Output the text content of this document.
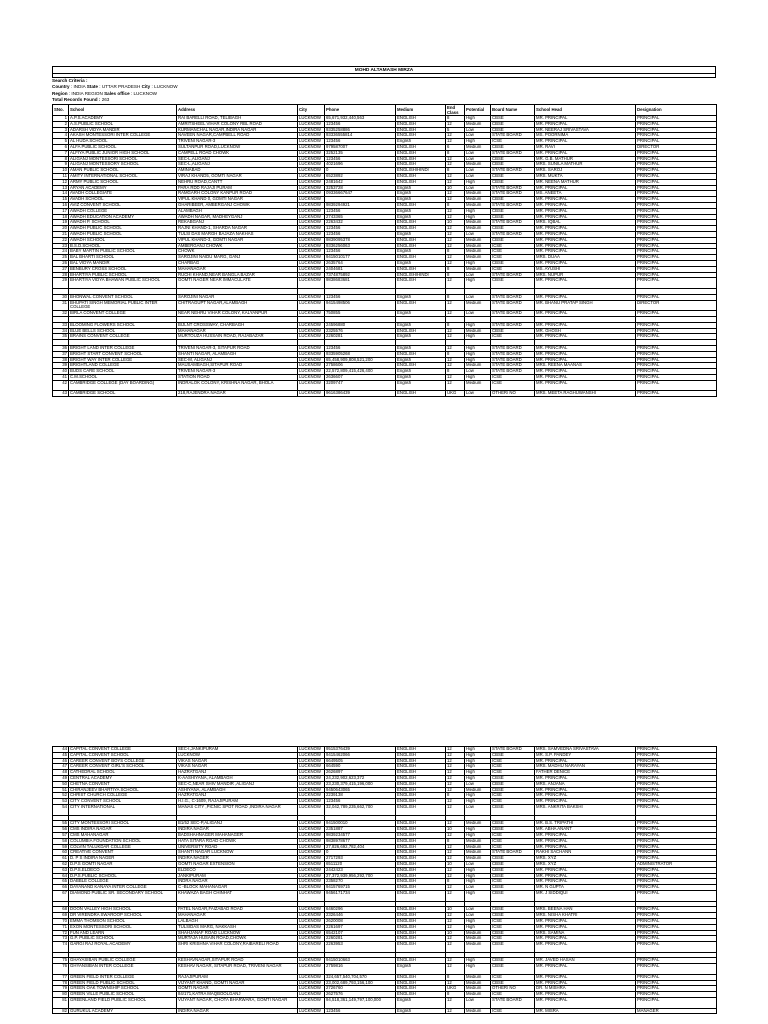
MOHD ALTAMASH MIRZA
Search Criteria :
Country : INDIA State : UTTAR PRADESH City : LUCKNOW
Region : INDIA REGION Sales office : LUCKNOW
Total Records Found : 263
SNo.	School	Address	City	Phone	Medium	End Class	Potential	Board Name	School Head	Designation
1	A.P.S.ACADEMY	RAI BARELLI ROAD, TELIBAGH	LUCKNOW	65,671,932,440,563	ENGLISH	8	High	CBSE	MR. PRINCIPAL	PRINCIPAL
2	A.S.PUBLIC SCHOOL	AMRITSHEEL VIHAR COLONY RBL ROAD	LUCKNOW	123456	ENGLISH	12	Medium	CBSE	MR. PRINCIPAL	PRINCIPAL
3	ADARSH VIDYA MANDIR	KURMANCHAL NAGAR,INDIRA NAGAR	LUCKNOW	9335258886	ENGLISH	5	Low	CBSE	MR. NEERAJ SRIVASTAVA	PRINCIPAL
4	AKASH MONTESSORI INTER COLLEGE	NAVEEN NAGAR,CAMPBELL ROAD	LUCKNOW	93336555814	ENGLISH	12	Low	STATE BOARD	MS. POORNIMA	PRINCIPAL
5	AL HUDA SCHOOL	TRIVENI NAGAR-3	LUCKNOW	123456	English	12	High	ICSE	MR. PRINCIPAL	PRINCIPAL
6	ALFA PUBLIC SCHOOL	SULTANPUR ROAD,LUCKNOW	LUCKNOW	979587007	ENGLISH	6	Medium	CBSE	MR. RAVI	DIRECTOR
7	ALFIYA PUBLIC JUNIOR HIGH SCHOOL	CAMPELL ROAD CHOWK	LUCKNOW	3252135	ENGLISH	8	Low	STATE BOARD	MR. PRINCIPAL	PRINCIPAL
8	ALIGANJ MONTESSORI SCHOOL	SEC-L,ALIGANJ	LUCKNOW	123456	ENGLISH	12	Low	CBSE	MR. G.B. MATHUR	PRINCIPAL
9	ALIGANJ MONTESSORY SCHOOL	SEC-L,ALIGANJ	LUCKNOW	4021696	ENGLISH	12	Medium	CBSE	MRS. SUNILA MATHUR	PRINCIPAL
10	AMAN PUBLIC SCHOOL	AMINABAD	LUCKNOW	0	ENGLISH/HINDI	8	Low	STATE BOARD	MRS. SAROJ	PRINCIPAL
11	AMITY INTERNATIONAL SCHOOL	VIRAJ KHAND5, GOMTI NAGAR	LUCKNOW	6523892	ENGLISH	12	Low	CBSE	MRS. MUKTA	PRINCIPAL
12	ARMY PUBLIC SCHOOL	NEHRU ROAD,CANTT	LUCKNOW	2481642	ENGLISH	12	High	CBSE	MR. NEENA MATHUR	PRINCIPAL
13	ARYAN ACADEMY	PARA RDD RAJAJI PURAM	LUCKNOW	3253728	English	10	Low	STATE BOARD	MR. PRINCIPAL	PRINCIPAL
14	AVADH COLLEGIATE	RAMGARH COLONY KANPUR ROAD	LUCKNOW	09336667647	English	12	Medium	STATE BOARD	MS. ANEETA	PRINCIPAL
15	AVADH SCHOOL	VIPUL KHAND 0, GOMTI NAGAR	LUCKNOW		English	12	Medium	CBSE	MR. PRINCIPAL	PRINCIPAL
16	AVIZ CONVENT SCHOOL	GHARIBEER, AMBERGANJ CHOWK	LUCKNOW	9839294921	ENGLISH	8	Medium	STATE BOARD	MR. PRINCIPAL	PRINCIPAL
17	AWADH COLLEGE	ALAMBAGH	LUCKNOW	123456	English	12	High	CBSE	MR. PRINCIPAL	PRINCIPAL
18	AWADH EDUCATION ACADEMY	AWADH NAGAR, MADHEYGANJ	LUCKNOW	2743365	English	12	High	CBSE	MR. PRINCIPAL	PRINCIPAL
19	AWADH P. SCHOOL	REKABGANJ	LUCKNOW	2263432	ENGLISH	10	Medium	STATE BOARD	MRS. IQBAL	PRINCIPAL
20	AWADH PUBLIC SCHOOL	RAJNI KHAND-1, SHARDA NAGAR	LUCKNOW	123456	ENGLISH	12	Medium	CBSE	MR. PRINCIPAL	PRINCIPAL
21	AWADH PUBLIC SCHOOL	TULSI DAS MARGH BAJAZA NAKHAS	LUCKNOW	123456	English	12	Low	STATE BOARD	MR. PRINCIPAL	PRINCIPAL
22	AWADH SCHOOL	VIPUL KHAND-3, GOMTI NAGAR	LUCKNOW	9839095378	ENGLISH	12	Medium	CBSE	MR. PRINCIPAL	PRINCIPAL
23	B.S.D.SCHOOL	AMBERGANJ CHOWK	LUCKNOW	9336256063	ENGLISH	12	Medium	ICSE	MR. PRINCIPAL	PRINCIPAL
24	BABY MARTIN PUBLIC SCHOOL	CHOWK	LUCKNOW	123456	English	8	Medium	ICSE	MR. PRINCIPAL	PRINCIPAL
25	BAL BHARTI SCHOOL	SAROJINI NAIDU MARG, GANJ	LUCKNOW	9415010177	ENGLISH	12	Medium	ICSE	MRS. DUAA	PRINCIPAL
26	BAL VIDYA MANDIR	CHARBAG	LUCKNOW	2635764	English	12	High	CBSE	MR. PRINCIPAL	PRINCIPAL
27	BENBURY CROSS SCHOOL	MAHANAGAR	LUCKNOW	2404681	ENGLISH	8	Medium	ICSE	MS. AYUSHI	PRINCIPAL
28	BHARTIYA PUBLIC SCHOOL	RUCHI KHAND,NEAR BANGLA BAZAR	LUCKNOW	7374875892	ENGLISH/HINDI	8	Low	STATE BOARD	MRS. NUPUR	PRINCIPAL
29	BHARTIYA VIDYA BHAWAN PUBLIC SCHOOL	GOMTI NAGER NEAR IMMACULATE	LUCKNOW	9838683681	ENGLISH	12	High	CBSE	MR. PRINCIPAL	PRINCIPAL

30	BHONWAL CONVENT SCHOOL	SAROJINI NAGAR	LUCKNOW	123456	English	8	Low	STATE BOARD	MR. PRINCIPAL	PRINCIPAL
31	BHUPATI SINGH MEMORIAL PUBLIC INTER COLLEGE	CHITRAGUPT NAGAR,ALAMBAGH	LUCKNOW	9415498506	ENGLISH	12	Medium	STATE BOARD	MR. BHANU PRATAP SINGH	DIRECTOR
32	BIRLA CONVENT COLLEGE	NEAR NEHRU VIHAR COLONY, KALYANPUR	LUCKNOW	750855	English	12	Low	STATE BOARD	MR. PRINCIPAL	PRINCIPAL

33	BLOOMING FLOWERS SCHOOL	BIJLNT CROSSWAY, CHARBAGH	LUCKNOW	24596880	English	8	High	STATE BOARD	MR. PRINCIPAL	PRINCIPAL
34	BLUE BELLS SCHOOL	MAHANAGAR	LUCKNOW	2325576	ENGLISH	12	Medium	CBSE	MR. GHOSH	PRINCIPAL
35	BRAINS CONVENT COLLEGE	MURTOUZA HUSSAIN ROAD, RAJABAZAR	LUCKNOW	2260281	English	12	High	ICSE	MR. PRINCIPAL	PRINCIPAL

36	BRIGHT LAND INTER COLLEGE	TRIVENI NAGAR-3, SITAPUR ROAD	LUCKNOW	123456	English	12	High	STATE BOARD	MR. PRINCIPAL	PRINCIPAL
37	BRIGHT START CONVENT SCHOOL	SHANTI NAGAR, ALAMBAGH	LUCKNOW	9335905268	ENGLISH	8	High	STATE BOARD	MR. PRINCIPAL	PRINCIPAL
38	BRIGHT WAY INTER COLLEGE	SEC-M, ALIGANJ	LUCKNOW	65,458,909,808,521,200	English	12	High	STATE BOARD	MR. PRINCIPAL	PRINCIPAL
39	BRIGHTLAND COLLEGE	MAUSAMBAGH,SITAPUR ROAD	LUCKNOW	2758606	ENGLISH	12	Medium	STATE BOARD	MRS. REENA MAANAS	PRINCIPAL
40	BUDS CARE SCHOOL	TRIVENI NAGAR-3	LUCKNOW	22,572,809,415,426,400	English	8	Low	STATE BOARD	MR. PRINCIPAL	PRINCIPAL
41	C.M.SCHOOL	STATION ROAD	LUCKNOW	2636607	English	12	High	ICSE	MR. PRINCIPAL	PRINCIPAL
42	CAMBRIDGE COLLEGE (DAY BOARDING)	INDRALOK COLONY, KRISHNA NAGAR, BHOLA	LUCKNOW	3209747	English	12	Medium	ICSE	MR. PRINCIPAL	PRINCIPAL
43	CAMBRIDGE SCHOOL	218,RAJENDRA NAGAR	LUCKNOW	9616386439	ENGLISH	UKG	Low	OTHER/ NO	MRS. MEETA RAGHUWANSHI	PRINCIPAL
44	CAPITAL CONVENT COLLEGE	SEC-I,JANKIPURAM	LUCKNOW	9515376439	ENGLISH	12	High	STATE BOARD	MRS. SAMVEDNA SRIVASTAVA	PRINCIPAL
45	CAPITAL CONVENT SCHOOL	LUCKNOW	LUCKNOW	9415462066	ENGLISH	12	High	CBSE	MR. S.P. PANDEY	PRINCIPAL
46	CAREER CONVENT BOYS COLLEGE	VIKAS NAGAR	LUCKNOW	6649505	ENGLISH	12	High	ICSE	MR. PRINCIPAL	PRINCIPAL
47	CAREER CONVENT GIRL'S SCHOOL	VIKAS NAGAR	LUCKNOW	664590	ENGLISH	12	High	ICSE	MRS. MADHU NARAYAN	PRINCIPAL
48	CATHEDRAL SCHOOL	HAZRATGANJ	LUCKNOW	2626897	ENGLISH	12	High	ICSE	FATHER DENICE	PRINCIPAL
49	CENTRAL ACADEMY	K-AASHIYANA, ALAMBAGH	LUCKNOW	24,232,902,623,372	ENGLISH	12	High	CBSE	MR. PRINCIPAL	PRINCIPAL
50	CHETNA CONVENT	SEC-C,NEAR SHIV MANDIR ,ALIGANJ	LUCKNOW	23,230,379,415,196,000	ENGLISH	12	Low	CBSE	MRS. ANJANA	PRINCIPAL
51	CHIRANJEEV BHARTIYA SCHOOL	ASHIYANA, ALAMBAGH	LUCKNOW	9450643065	ENGLISH	12	Medium	CBSE	MR. PRINCIPAL	PRINCIPAL
52	CHRIST CHURCH COLLEGE	HAZRATGANJ	LUCKNOW	2239138	ENGLISH	8	High	ICSE	MR. PRINCIPAL	PRINCIPAL
53	CITY CONVENT SCHOOL	H.I.G., C-1609, RAJAJIPURAM	LUCKNOW	123456	ENGLISH	12	High	ICSE	MR. PRINCIPAL	PRINCIPAL
54	CITY INTERNATIONAL	MANAS CITY ,PICNIC SPOT ROAD ,INDIRA NAGAR	LUCKNOW	32,042,789,235,662,700	ENGLISH	12	Low	CBSE	MRS. ANKRITA BAKSHI	PRINCIPAL

55	CITY MONTESSORI SCHOOL	B1/52 SEC-P,ALIGANJ	LUCKNOW	941500010	ENGLISH	12	Medium	CBSE	MR. B.S. TRIPATHI	PRINCIPAL
56	CMS INDIRA NAGAR	INDIRA NAGAR	LUCKNOW	2351887	ENGLISH	10	High	CBSE	MR. ABHA ANANT	PRINCIPAL
57	CMS MAHANAGAR	BADSHAHNAGER MAHANAGER	LUCKNOW	9839234577	ENGLISH	12	High	ICSE	MR. PRINCIPAL	PRINCIPAL
58	COLUMBIA FOUNDATION SCHOOL	HATA SITARA ROAD CHOWK	LUCKNOW	9838978677	ENGLISH	8	Medium	ICSE	MR. PRINCIPAL	PRINCIPAL
59	COLVIN TALUKDAR COLLEGE	UNIVERSITY ROAD	LUCKNOW	27,826,692,782,404	ENGLISH	12	Medium	ICSE	MR. PRINCIPAL	PRINCIPAL
60	CREATIVE CONVENT	SHANTI NAGAR LUCKNOW	LUCKNOW	0	ENGLISH	12	Medium	STATE BOARD	RAKHI SACHANN	PRINCIPAL
61	D. P S INDIRA NAGER	INDIRA NAGER	LUCKNOW	2717293	ENGLISH	12	Medium	CBSE	MRS. XYZ	PRINCIPAL
62	D.P.S GOMTI NAGAR	GOMTI NAGAR EXTENSION	LUCKNOW	6511120	ENGLISH	10	Low	CBSE	MRS. XYZ	ADMINISTRATOR
63	D.P.S.ELDECO	ELDECO	LUCKNOW	2442423	ENGLISH	12	High	CBSE	MR. PRINCIPAL	PRINCIPAL
64	D.P.S.PUBLIC SCHOOL	JANKIPURAM	LUCKNOW	27,372,939,956,292,700	ENGLISH	12	High	CBSE	MR. PRINCIPAL	PRINCIPAL
65	DABBLE COLLEGE	INDRA NAGAR	LUCKNOW	2358270	ENGLISH	8	High	ICSE	MR. PRINCIPAL	PRINCIPAL
66	DAYANAND KANAYA INTER COLLEGE	C -BLOCK MAHANAGAR	LUCKNOW	9415769715	ENGLISH	12	Low	CBSE	MR. N GUPTA	PRINCIPAL
67	DIAMOND PUBLIC SR. SECONDARY SCHOOL	KHAWAZA BAGH CHINHAT	LUCKNOW	9456171734	ENGLISH	12	High	CBSE	MR. J SIDDIQUI	PRINCIPAL

68	DOON VALLEY HIGH SCHOOL	PATEL NAGAR,FAIZABAD ROAD	LUCKNOW	6460296	ENGLISH	10	Low	CBSE	MRS. BEENA HAN	PRINCIPAL
69	DR VIRENDRA SWAROOP SCHOOL	MAHANAGAR	LUCKNOW	2326446	ENGLISH	12	Low	CBSE	MRS. NISHA KHATRI	PRINCIPAL
70	EMMA THOMSON SCHOOL	LALBAGH	LUCKNOW	2620008	ENGLISH	12	High	ICSE	MR. PRINCIPAL	PRINCIPAL
71	EXON MONTESSORI SCHOOL	TULSIDAS MARG, NAKKASH	LUCKNOW	2261697	ENGLISH	12	High	ICSE	MR. PRINCIPAL	PRINCIPAL
72	FUN AND LEARN	SHAHJANAF ROAD LUCKNOW	LUCKNOW	6542107	ENGLISH	10	Medium	CBSE	MRS. SAMINA	PRINCIPAL
73	G.P. PUBLIC SCHOOL	MURTAJA HUSAIN ROAD,CHOWK	LUCKNOW	2260281	ENGLISH	12	Medium	ICSE	MR. PRINCIPAL	PRINCIPAL
74	GARGI RAJ ROYAL ACADEMY	SHRI KRISHNA VIHAR COLONY,RAIBARELI ROAD	LUCKNOW	2263953	ENGLISH	12	Medium	CBSE	MR. PRINCIPAL	PRINCIPAL

75	GHAYASIBAN PUBLIC COLLEGE	KESHAVNAGAR,SITAPUR ROAD	LUCKNOW	9415010663	ENGLISH	12	High	CBSE	MR. JAVED HASAN	PRINCIPAL
76	GHYANSIBAN INTER COLLEGE	KESHAV NAGAR, SITAPUR ROAD, TRIVENI NAGAR	LUCKNOW	2759816	English	12	High	CBSE	MR. PRINCIPAL	PRINCIPAL
77	GREEN FIELD INTER COLLEGE	RAJAJIPURAM	LUCKNOW	324,657,540,704,570	ENGLISH	8	Medium	ICSE	MR. PRINCIPAL	PRINCIPAL
78	GREEN FIELD PUBLIC SCHOOL	VIJYANT KHAND, GOMTI NAGAR	LUCKNOW	23,002,689,793,156,100	ENGLISH	12	Medium	CBSE	MR. PRINCIPAL	PRINCIPAL
79	GREEN OAK TOWNSHIP SCHOOL	GOMTI NAGAR	LUCKNOW	2726760	ENGLISH	UKG	Medium	OTHER/ NO	DR. N MISHRA	PRINCIPAL
80	GREEN VILLE PUBLIC SCHOOL	84/171,KATRA MAQBOOLGANJ	LUCKNOW	2627576	ENGLISH	8	Medium	ICSE	MR. PRINCIPAL	PRINCIPAL
81	GREENLAND FIELD PUBLIC SCHOOL	VIJYANT NAGAR, CHOTA BHARWARA, GOMTI NAGAR	LUCKNOW	94,518,361,149,797,100,000	English	12	Low	STATE BOARD	MR. PRINCIPAL	PRINCIPAL
82	GURUKUL ACADEMY	INDIRA NAGAR	LUCKNOW	123456	English	12	Medium	ICSE	MR. MISRA	MANAGER
